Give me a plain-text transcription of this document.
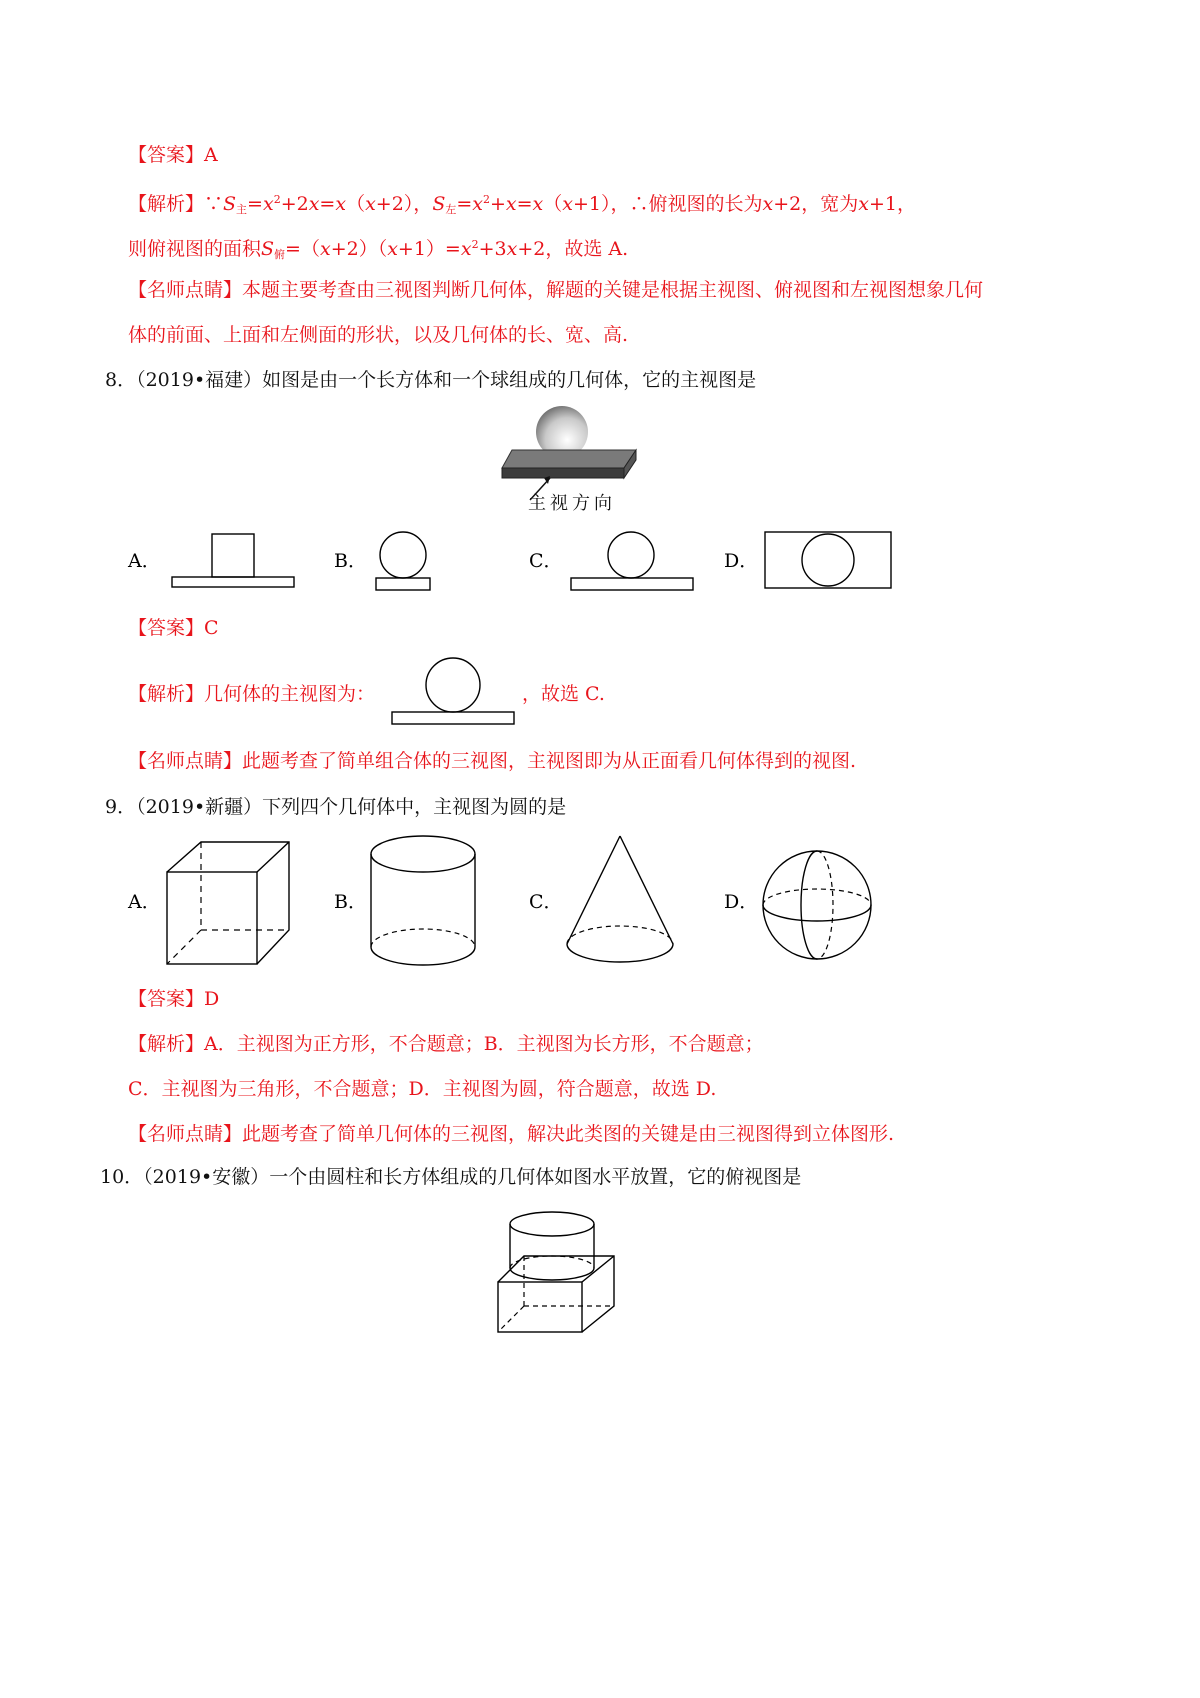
【答案】A
【解析】$\because S_主=x^2+2x=x(x+2)$，$S_左=x^2+x=x(x+1)$，∴俯视图的长为x+2，宽为x+1，
则俯视图的面积$S_俯=(x+2)(x+1)=x^2+3x+2$，故选 A.
【名师点睛】本题主要考查由三视图判断几何体，解题的关键是根据主视图、俯视图和左视图想象几何
体的前面、上面和左侧面的形状，以及几何体的长、宽、高.
8．（2019•福建）如图是由一个长方体和一个球组成的几何体，它的主视图是
主视方向
A．	B．	C．	D．
【答案】C
【解析】几何体的主视图为：	，故选 C.
【名师点睛】此题考查了简单组合体的三视图，主视图即为从正面看几何体得到的视图.
9．（2019•新疆）下列四个几何体中，主视图为圆的是
A．	B．	C．	D．
【答案】D
【解析】A．主视图为正方形，不合题意；B．主视图为长方形，不合题意；
C．主视图为三角形，不合题意；D．主视图为圆，符合题意，故选 D.
【名师点睛】此题考查了简单几何体的三视图，解决此类图的关键是由三视图得到立体图形.
10．（2019•安徽）一个由圆柱和长方体组成的几何体如图水平放置，它的俯视图是
